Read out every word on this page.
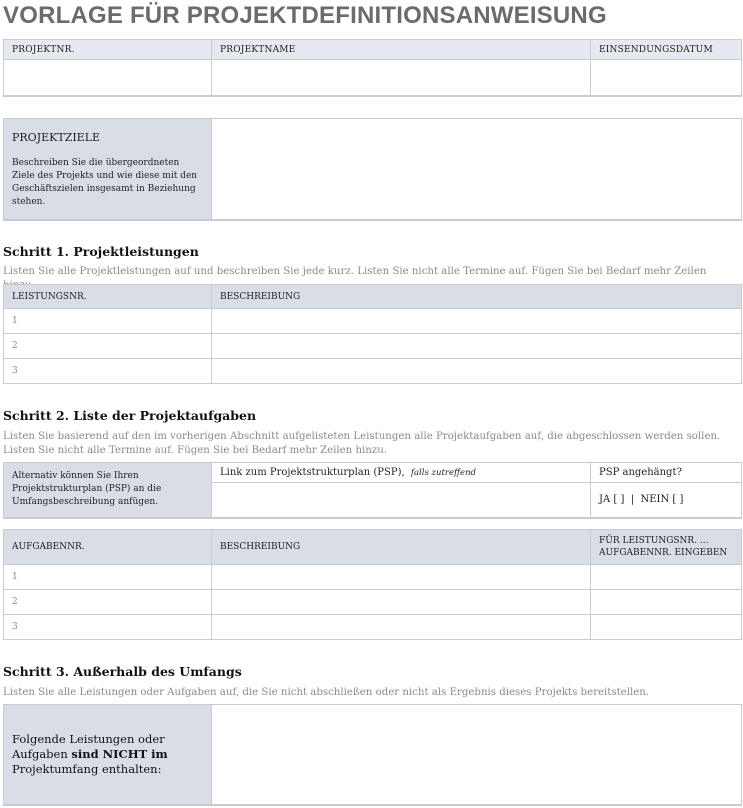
VORLAGE FÜR PROJEKTDEFINITIONSANWEISUNG
PROJEKTNR.	PROJEKTNAME	EINSENDUNGSDATUM

PROJEKTZIELE
Beschreiben Sie die übergeordneten Ziele des Projekts und wie diese mit den Geschäftszielen insgesamt in Beziehung stehen.

Schritt 1. Projektleistungen
Listen Sie alle Projektleistungen auf und beschreiben Sie jede kurz. Listen Sie nicht alle Termine auf. Fügen Sie bei Bedarf mehr Zeilen
LEISTUNGSNR.	BESCHREIBUNG
1	
2	
3	
Schritt 2. Liste der Projektaufgaben
Listen Sie basierend auf den im vorherigen Abschnitt aufgelisteten Leistungen alle Projektaufgaben auf, die abgeschlossen werden sollen. Listen Sie nicht alle Termine auf. Fügen Sie bei Bedarf mehr Zeilen hinzu.
Alternativ können Sie Ihren Projektstrukturplan (PSP) an die Umfangsbeschreibung anfügen.	Link zum Projektstrukturplan (PSP), falls zutreffend	PSP angehängt?
		JA [ ]  |  NEIN [ ]
AUFGABENNR.	BESCHREIBUNG	FÜR LEISTUNGSNR. ...
AUFGABENNR. EINGEBEN

1		
2		
3		
Schritt 3. Außerhalb des Umfangs
Listen Sie alle Leistungen oder Aufgaben auf, die Sie nicht abschließen oder nicht als Ergebnis dieses Projekts bereitstellen.
Folgende Leistungen oder Aufgaben sind NICHT im Projektumfang enthalten:	
